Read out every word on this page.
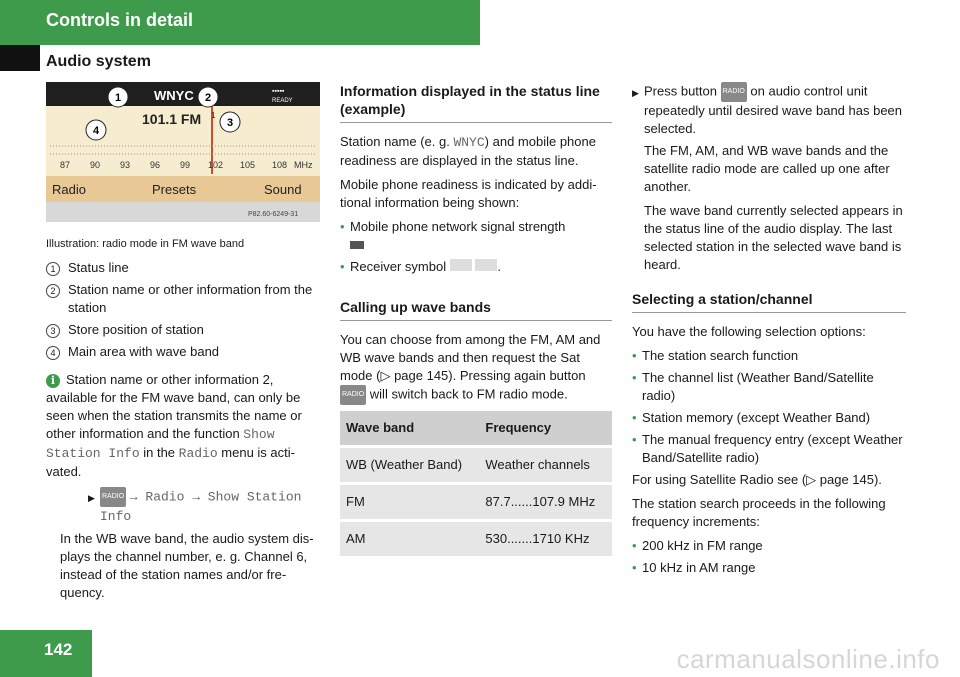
Controls in detail
Audio system
WNYC	▪▪▪▪▪
READY
101.1 FM 1
87 90 93 96 99 102 105 108 MHz
Radio	Presets	Sound
P82.60-6249-31
1	2
3
4
Illustration: radio mode in FM wave band
1 Status line
2 Station name or other information from the station
3 Store position of station
4 Main area with wave band

i Station name or other information 2, available for the FM wave band, can only be seen when the station transmits the name or other information and the function Show Station Info in the Radio menu is acti-vated.

▶	RADIO → Radio → Show Station Info

In the WB wave band, the audio system dis-plays the channel number, e. g. Channel 6, instead of the station names and/or fre-quency.

Information displayed in the status line (example)

Station name (e. g. WNYC) and mobile phone readiness are displayed in the status line.

Mobile phone readiness is indicated by addi-tional information being shown:

• Mobile phone network signal strength

• Receiver symbol	.
Calling up wave bands

You can choose from among the FM, AM and WB wave bands and then request the Sat mode (▷ page 145). Pressing again button
RADIO will switch back to FM radio mode.

Wave band	Frequency
WB (Weather Band)	Weather channels
FM	87.7......107.9 MHz
AM	530.......1710 KHz
▶ Press button RADIO on audio control unit repeatedly until desired wave band has been selected.

The FM, AM, and WB wave bands and the satellite radio mode are called up one after another.

The wave band currently selected appears in the status line of the audio display. The last selected station in the selected wave band is heard.

Selecting a station/channel

You have the following selection options:

• The station search function
• The channel list (Weather Band/Satellite radio)
• Station memory (except Weather Band)
• The manual frequency entry (except Weather Band/Satellite radio)

For using Satellite Radio see (▷ page 145).

The station search proceeds in the following frequency increments:

• 200 kHz in FM range
• 10 kHz in AM range
142	carmanualsonline.info
